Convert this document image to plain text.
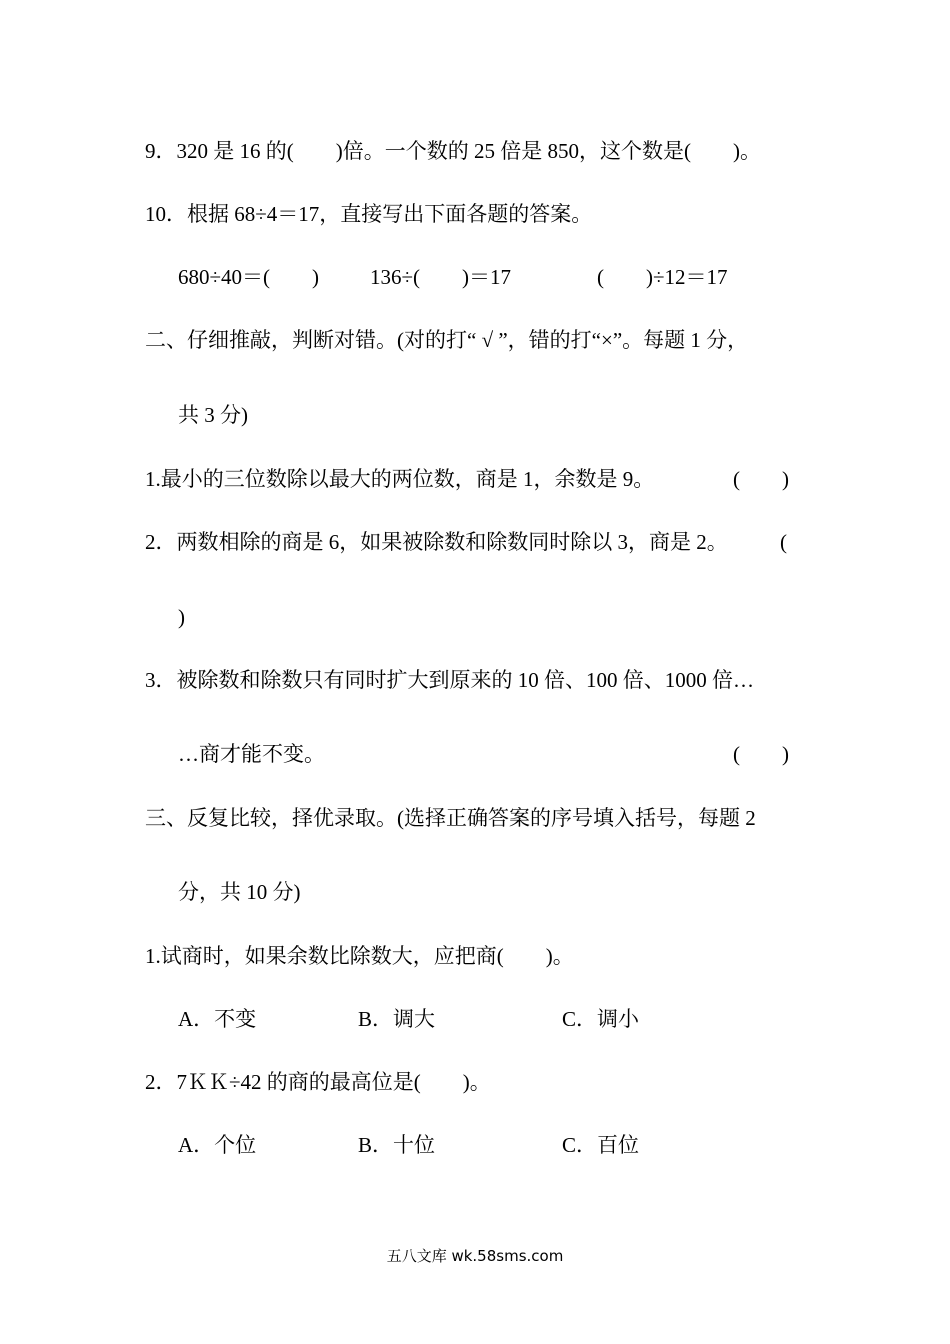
9．320 是 16 的(　　)倍。一个数的 25 倍是 850，这个数是(　　)。
10．根据 68÷4＝17，直接写出下面各题的答案。
680÷40＝(　　) 136÷(　　)＝17	(　　)÷12＝17
二、仔细推敲，判断对错。(对的打“ √ ”，错的打“×”。每题 1 分，
共 3 分)
1.最小的三位数除以最大的两位数，商是 1，余数是 9。	(　　)
2．两数相除的商是 6，如果被除数和除数同时除以 3，商是 2。 (
)
3．被除数和除数只有同时扩大到原来的 10 倍、100 倍、1000 倍…
…商才能不变。	(　　)
三、反复比较，择优录取。(选择正确答案的序号填入括号，每题 2
分，共 10 分)
1.试商时，如果余数比除数大，应把商(　　)。
A．不变	B．调大	C．调小
2．7ＫＫ÷42 的商的最高位是(　　)。
A．个位	B．十位	C．百位
五八文库 wk.58sms.com
